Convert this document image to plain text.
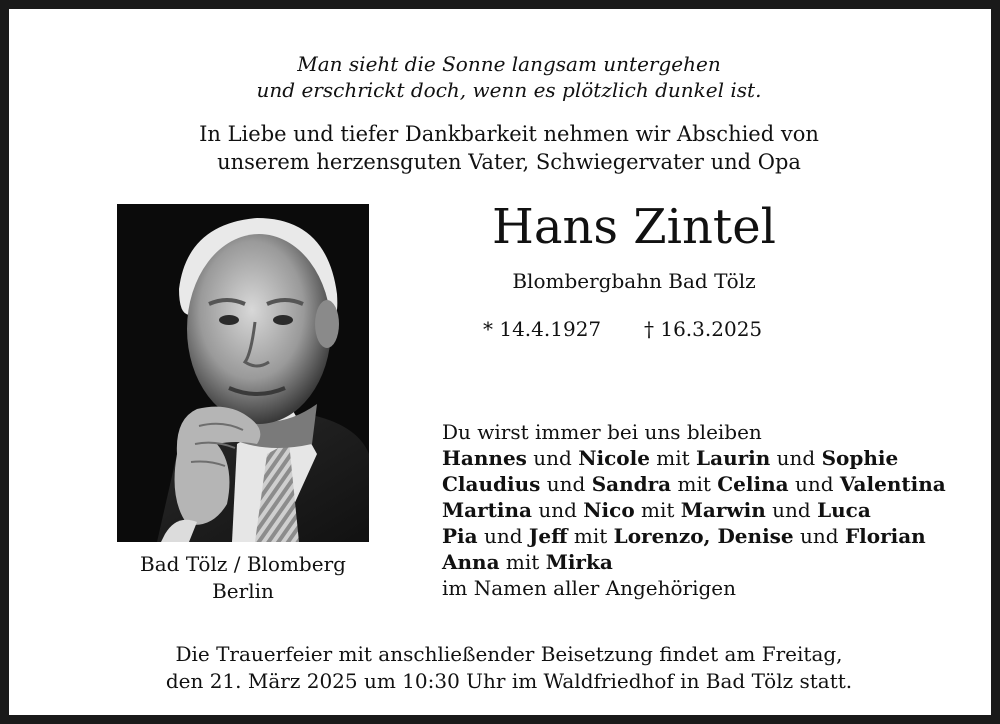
Man sieht die Sonne langsam untergehen
und erschrickt doch, wenn es plötzlich dunkel ist.
In Liebe und tiefer Dankbarkeit nehmen wir Abschied von
unserem herzensguten Vater, Schwiegervater und Opa
Bad Tölz / Blomberg
Berlin
Hans Zintel
Blombergbahn Bad Tölz
* 14.4.1927 † 16.3.2025
Du wirst immer bei uns bleiben
Hannes und Nicole mit Laurin und Sophie
Claudius und Sandra mit Celina und Valentina
Martina und Nico mit Marwin und Luca
Pia und Jeff mit Lorenzo, Denise und Florian
Anna mit Mirka
im Namen aller Angehörigen
Die Trauerfeier mit anschließender Beisetzung findet am Freitag,
den 21. März 2025 um 10:30 Uhr im Waldfriedhof in Bad Tölz statt.
